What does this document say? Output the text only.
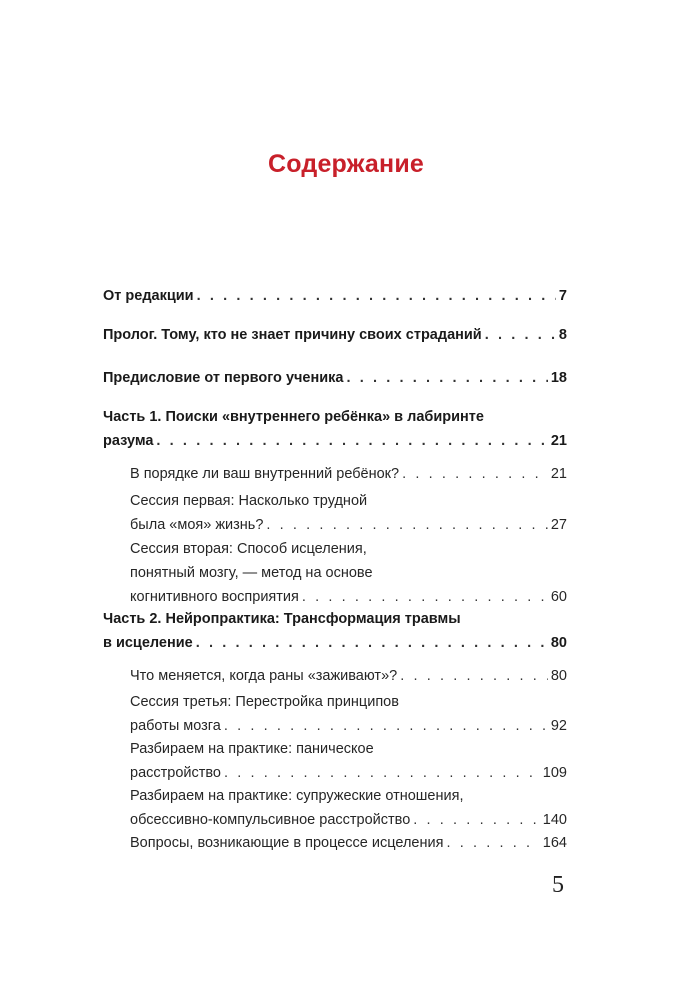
Содержание
От редакции . . .	7
Пролог. Тому, кто не знает причину своих страданий . . .	8
Предисловие от первого ученика . . .	18
Часть 1. Поиски «внутреннего ребёнка» в лабиринте
разума . . .	21
В порядке ли ваш внутренний ребёнок? . . .	21
Сессия первая: Насколько трудной
была «моя» жизнь? . . .	27
Сессия вторая: Способ исцеления,
понятный мозгу, — метод на основе
когнитивного восприятия . . .	60
Часть 2. Нейропрактика: Трансформация травмы
в исцеление . . .	80
Что меняется, когда раны «заживают»? . . .	80
Сессия третья: Перестройка принципов
работы мозга . . .	92
Разбираем на практике: паническое
расстройство . . .	109
Разбираем на практике: супружеские отношения,
обсессивно-компульсивное расстройство . . .	140
Вопросы, возникающие в процессе исцеления . . .	164
5
